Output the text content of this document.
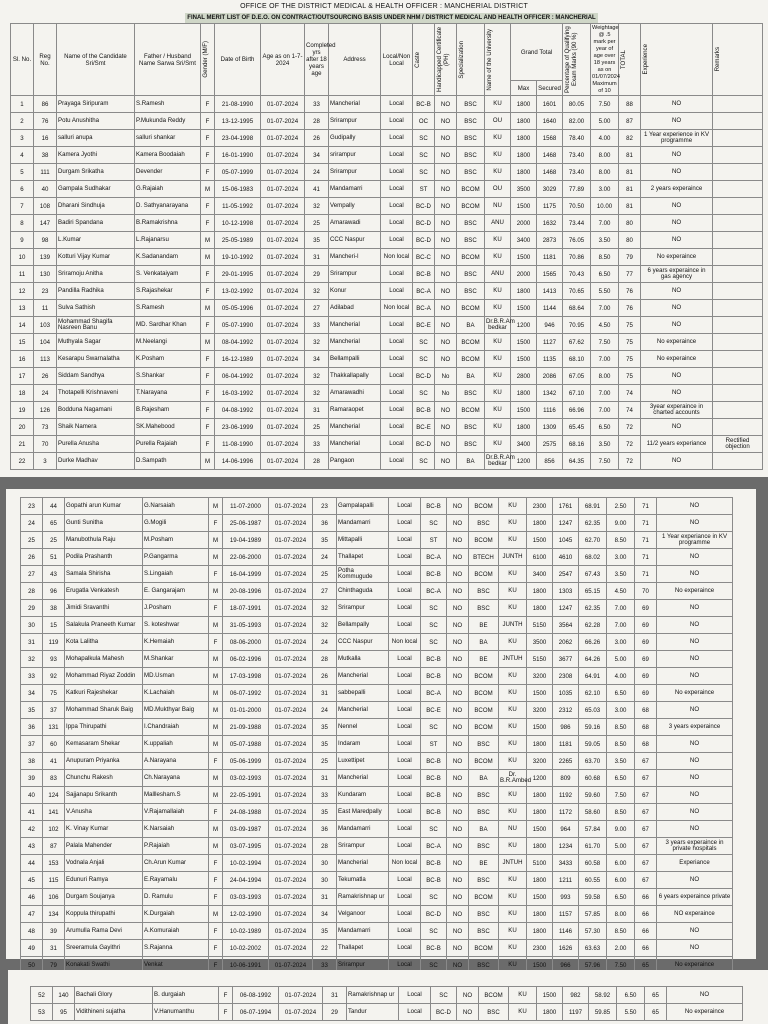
OFFICE OF THE DISTRICT MEDICAL & HEALTH OFFICER : MANCHERIAL DISTRICT
FINAL MERIT LIST OF D.E.O. ON CONTRACT/OUTSOURCING BASIS UNDER NHM / DISTRICT MEDICAL AND HEALTH OFFICER : MANCHERIAL
Sl. No.	Reg No.	Name of the Candidate Sri/Smt	Father / Husband Name Sarwa Sri/Smt	Gender (M/F)	Date of Birth	Age as on 1-7-2024	Completed yrs after 18 years age	Address	Local/Non Local	Caste	Handicapped Certificate (PH)	Specialization	Name of the University	Grand Total		Percentage of Qualifying Exam Marks (90 %)	Weightage @ .5 mark per year of age over 18 years as on 01/07/2024 Maximum of 10	TOTAL	Experience	Remarks

														Max	Secured					
1	86	Prayaga Siripuram	S.Ramesh	F	21-08-1990	01-07-2024	33	Mancherial	Local	BC-B	NO	BSC	KU	1800	1601	80.05	7.50	88	NO	
2	76	Potu Anushitha	P.Mukunda Reddy	F	13-12-1995	01-07-2024	28	Srirampur	Local	OC	NO	BSC	OU	1800	1640	82.00	5.00	87	NO	
3	16	salluri anupa	salluri shankar	F	23-04-1998	01-07-2024	26	Gudipally	Local	SC	NO	BSC	KU	1800	1568	78.40	4.00	82	1 Year experience in KV programme	
4	38	Kamera Jyothi	Kamera Boodaiah	F	16-01-1990	01-07-2024	34	srirampur	Local	SC	NO	BSC	KU	1800	1468	73.40	8.00	81	NO	
5	111	Durgam Srikatha	Devender	F	05-07-1999	01-07-2024	24	Srirampur	Local	SC	NO	BSC	KU	1800	1468	73.40	8.00	81	NO	
6	40	Gampala Sudhakar	G.Rajaiah	M	15-06-1983	01-07-2024	41	Mandamarri	Local	ST	NO	BCOM	OU	3500	3029	77.89	3.00	81	2 years experaince	
7	108	Dharani Sindhuja	D. Sathyanarayana	F	11-05-1992	01-07-2024	32	Vempally	Local	BC-D	NO	BCOM	NU	1500	1175	70.50	10.00	81	NO	
8	147	Badiri Spandana	B.Ramakrishna	F	10-12-1998	01-07-2024	25	Amarawadi	Local	BC-D	NO	BSC	ANU	2000	1632	73.44	7.00	80	NO	
9	98	L.Kumar	L.Rajanarsu	M	25-05-1989	01-07-2024	35	CCC Naspur	Local	BC-D	NO	BSC	KU	3400	2873	76.05	3.50	80	NO	
10	139	Kotturi Vijay Kumar	K.Sadanandam	M	19-10-1992	01-07-2024	31	Mancheri-l	Non local	BC-C	NO	BCOM	KU	1500	1181	70.86	8.50	79	No experaince	
11	130	Sriramoju Anitha	S. Venkataiyam	F	29-01-1995	01-07-2024	29	Srirampur	Local	BC-B	NO	BSC	ANU	2000	1565	70.43	6.50	77	6 years experaince in gas agency	
12	23	Pandilla Radhika	S.Rajashekar	F	13-02-1992	01-07-2024	32	Konur	Local	BC-A	NO	BSC	KU	1800	1413	70.65	5.50	76	NO	
13	11	Sulva Sathish	S.Ramesh	M	05-05-1996	01-07-2024	27	Adilabad	Non local	BC-A	NO	BCOM	KU	1500	1144	68.64	7.00	76	NO	
14	103	Mohammad Shagifa Nasreen Banu	MD. Sardhar Khan	F	05-07-1990	01-07-2024	33	Mancherial	Local	BC-E	NO	BA	Dr.B.R.Am bedkar	1200	946	70.95	4.50	75	NO	
15	104	Muthyala Sagar	M.Neelangi	M	08-04-1992	01-07-2024	32	Mancherial	Local	SC	NO	BCOM	KU	1500	1127	67.62	7.50	75	No experaince	
16	113	Kesarapu Swarnalatha	K.Posham	F	16-12-1989	01-07-2024	34	Bellampalli	Local	SC	NO	BCOM	KU	1500	1135	68.10	7.00	75	No experaince	
17	26	Siddam Sandhya	S.Shankar	F	06-04-1992	01-07-2024	32	Thakkallapally	Local	BC-D	No	BA	KU	2800	2086	67.05	8.00	75	NO	
18	24	Thotapelli Krishnaveni	T.Narayana	F	16-03-1992	01-07-2024	32	Amarawadhi	Local	SC	No	BSC	KU	1800	1342	67.10	7.00	74	NO	
19	126	Bodduna Nagamani	B.Rajesham	F	04-08-1992	01-07-2024	31	Ramaraopet	Local	BC-B	NO	BCOM	KU	1500	1116	66.96	7.00	74	3year experaince in charted accounts	
20	73	Shaik Namera	SK.Mahebood	F	23-06-1999	01-07-2024	25	Mancherial	Local	BC-E	NO	BSC	KU	1800	1309	65.45	6.50	72	NO	
21	70	Purella Anusha	Purella Rajaiah	F	11-08-1990	01-07-2024	33	Mancherial	Local	BC-D	NO	BSC	KU	3400	2575	68.16	3.50	72	11/2 years experiance	Rectified objection
22	3	Durke Madhav	D.Sampath	M	14-06-1996	01-07-2024	28	Pangaon	Local	SC	NO	BA	Dr.B.R.Am bedkar	1200	856	64.35	7.50	72	NO	
23	44	Gopathi arun Kumar	G.Narsaiah	M	11-07-2000	01-07-2024	23	Gampalapalli	Local	BC-B	NO	BCOM	KU	2300	1761	68.91	2.50	71	NO
24	65	Gunti Sunitha	G.Mogili	F	25-06-1987	01-07-2024	36	Mandamarri	Local	SC	NO	BSC	KU	1800	1247	62.35	9.00	71	NO
25	25	Manubothula Raju	M.Posham	M	19-04-1989	01-07-2024	35	Mittapalli	Local	ST	NO	BCOM	KU	1500	1045	62.70	8.50	71	1 Year experiance in KV programme
26	51	Podila Prashanth	P.Gangarma	M	22-06-2000	01-07-2024	24	Thallapet	Local	BC-A	NO	BTECH	JUNTH	6100	4610	68.02	3.00	71	NO
27	43	Samala Shirisha	S.Lingaiah	F	16-04-1999	01-07-2024	25	Potha Kommugude	Local	BC-B	NO	BCOM	KU	3400	2547	67.43	3.50	71	NO
28	96	Erugatla Venkatesh	E. Gangarajam	M	20-08-1996	01-07-2024	27	Chinthaguda	Local	BC-A	NO	BSC	KU	1800	1303	65.15	4.50	70	No experaince
29	38	Jimidi Sravanthi	J.Posham	F	18-07-1991	01-07-2024	32	Srirampur	Local	SC	NO	BSC	KU	1800	1247	62.35	7.00	69	NO
30	15	Salakula Praneeth Kumar	S. koteshwar	M	31-05-1993	01-07-2024	32	Bellampally	Local	SC	NO	BE	JUNTH	5150	3564	62.28	7.00	69	NO
31	119	Kota Lalitha	K.Hemaiah	F	08-06-2000	01-07-2024	24	CCC Naspur	Non local	SC	NO	BA	KU	3500	2062	66.26	3.00	69	NO
32	93	Mohapalkula Mahesh	M.Shankar	M	06-02-1996	01-07-2024	28	Mutkalla	Local	BC-B	NO	BE	JNTUH	5150	3677	64.26	5.00	69	NO
33	92	Mohammad Riyaz Zoddin	MD.Usman	M	17-03-1998	01-07-2024	26	Mancherial	Local	BC-B	NO	BCOM	KU	3200	2308	64.91	4.00	69	NO
34	75	Katkuri Rajeshekar	K.Lachaiah	M	06-07-1992	01-07-2024	31	sabbepalli	Local	BC-A	NO	BCOM	KU	1500	1035	62.10	6.50	69	No experaince
35	37	Mohammad Sharuk Baig	MD.Mukthyar Baig	M	01-01-2000	01-07-2024	24	Mancherial	Local	BC-E	NO	BCOM	KU	3200	2312	65.03	3.00	68	NO
36	131	Ippa Thirupathi	I.Chandraiah	M	21-09-1988	01-07-2024	35	Nennel	Local	SC	NO	BCOM	KU	1500	986	59.16	8.50	68	3 years experaince
37	60	Kemasaram Shekar	K.uppaliah	M	05-07-1988	01-07-2024	35	Indaram	Local	ST	NO	BSC	KU	1800	1181	59.05	8.50	68	NO
38	41	Anupuram Priyanka	A.Narayana	F	05-06-1999	01-07-2024	25	Luxettipet	Local	BC-B	NO	BCOM	KU	3200	2265	63.70	3.50	67	NO
39	83	Chunchu Rakesh	Ch.Narayana	M	03-02-1993	01-07-2024	31	Mancherial	Local	BC-B	NO	BA	Dr. B.R.Ambed	1200	809	60.68	6.50	67	NO
40	124	Sajjanapu Srikanth	Malllesham.S	M	22-05-1991	01-07-2024	33	Kundaram	Local	BC-B	NO	BSC	KU	1800	1192	59.60	7.50	67	NO
41	141	V.Anusha	V.Rajamallaiah	F	24-08-1988	01-07-2024	35	East Maredpally	Local	BC-B	NO	BSC	KU	1800	1172	58.60	8.50	67	NO
42	102	K. Vinay Kumar	K.Narsaiah	M	03-09-1987	01-07-2024	36	Mandamarri	Local	SC	NO	BA	NU	1500	964	57.84	9.00	67	NO
43	87	Palala Mahender	P.Rajaiah	M	03-07-1995	01-07-2024	28	Srirampur	Local	BC-A	NO	BSC	KU	1800	1234	61.70	5.00	67	3 years experaince in private hospitals
44	153	Vodnala Anjali	Ch.Arun Kumar	F	10-02-1994	01-07-2024	30	Mancherial	Non local	BC-B	NO	BE	JNTUH	5100	3433	60.58	6.00	67	Experiance
45	115	Edunuri Ramya	E.Rayamalu	F	24-04-1994	01-07-2024	30	Tekumatla	Local	BC-B	NO	BSC	KU	1800	1211	60.55	6.00	67	NO
46	106	Durgam Soujanya	D. Ramulu	F	03-03-1993	01-07-2024	31	Ramakrishnap ur	Local	SC	NO	BCOM	KU	1500	993	59.58	6.50	66	6 years experaince private
47	134	Koppula thirupathi	K.Durgaiah	M	12-02-1990	01-07-2024	34	Velganoor	Local	BC-D	NO	BSC	KU	1800	1157	57.85	8.00	66	NO experaince
48	39	Arumulla Rama Devi	A.Komuraiah	F	10-02-1989	01-07-2024	35	Mandamarri	Local	SC	NO	BSC	KU	1800	1146	57.30	8.50	66	NO
49	31	Sreeramula Gayithri	S.Rajanna	F	10-02-2002	01-07-2024	22	Thallapet	Local	BC-B	NO	BCOM	KU	2300	1626	63.63	2.00	66	NO
50	79	Konakati Swathi	Venkat	F	10-06-1991	01-07-2024	33	Srirampur	Local	SC	NO	BSC	KU	1500	966	57.96	7.50	65	No experaince

52	140	Bachali Glory	B. durgaiah	F	06-08-1992	01-07-2024	31	Ramakrishnap ur	Local	SC	NO	BCOM	KU	1500	982	58.92	6.50	65	NO
53	95	Vidithineni sujatha	V.Hanumanthu	F	06-07-1994	01-07-2024	29	Tandur	Local	BC-D	NO	BSC	KU	1800	1197	59.85	5.50	65	No experaince
